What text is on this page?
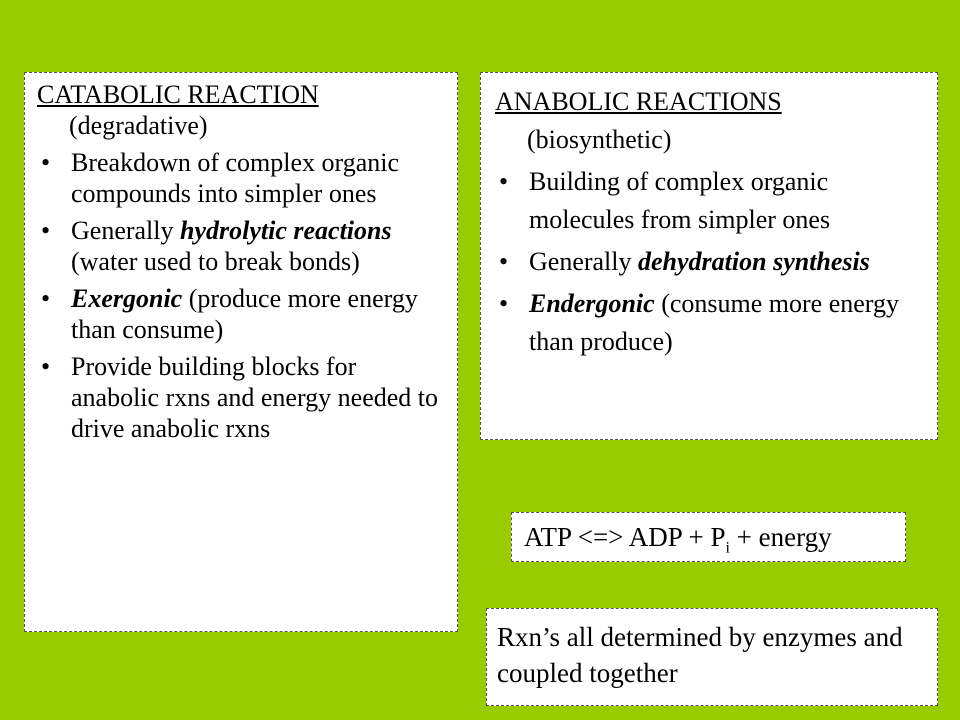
CATABOLIC REACTION
(degradative)
• Breakdown of complex organic compounds into simpler ones
• Generally hydrolytic reactions (water used to break bonds)
• Exergonic (produce more energy than consume)
• Provide building blocks for anabolic rxns and energy needed to drive anabolic rxns
ANABOLIC REACTIONS
(biosynthetic)
• Building of complex organic molecules from simpler ones
• Generally dehydration synthesis
• Endergonic (consume more energy than produce)
ATP <=> ADP + $P_i$ + energy
Rxn’s all determined by enzymes and coupled together
